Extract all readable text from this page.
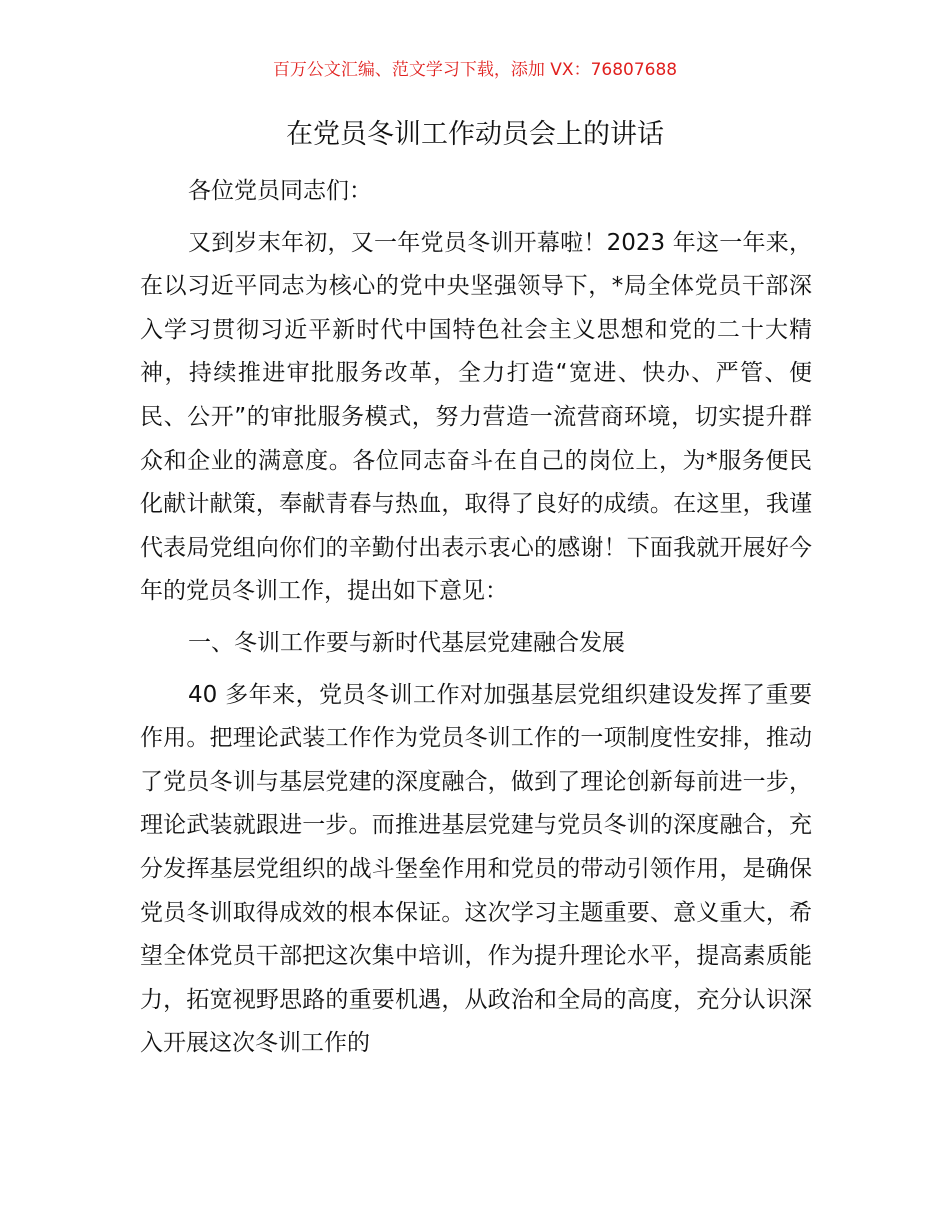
百万公文汇编、范文学习下载，添加 VX：76807688
在党员冬训工作动员会上的讲话

各位党员同志们：

又到岁末年初，又一年党员冬训开幕啦！2023 年这一年来，在以习近平同志为核心的党中央坚强领导下，*局全体党员干部深入学习贯彻习近平新时代中国特色社会主义思想和党的二十大精神，持续推进审批服务改革，全力打造“宽进、快办、严管、便民、公开”的审批服务模式，努力营造一流营商环境，切实提升群众和企业的满意度。各位同志奋斗在自己的岗位上，为*服务便民化献计献策，奉献青春与热血，取得了良好的成绩。在这里，我谨代表局党组向你们的辛勤付出表示衷心的感谢！下面我就开展好今年的党员冬训工作，提出如下意见：

一、冬训工作要与新时代基层党建融合发展

40 多年来，党员冬训工作对加强基层党组织建设发挥了重要作用。把理论武装工作作为党员冬训工作的一项制度性安排，推动了党员冬训与基层党建的深度融合，做到了理论创新每前进一步，理论武装就跟进一步。而推进基层党建与党员冬训的深度融合，充分发挥基层党组织的战斗堡垒作用和党员的带动引领作用，是确保党员冬训取得成效的根本保证。这次学习主题重要、意义重大，希望全体党员干部把这次集中培训，作为提升理论水平，提高素质能力，拓宽视野思路的重要机遇，从政治和全局的高度，充分认识深入开展这次冬训工作的
